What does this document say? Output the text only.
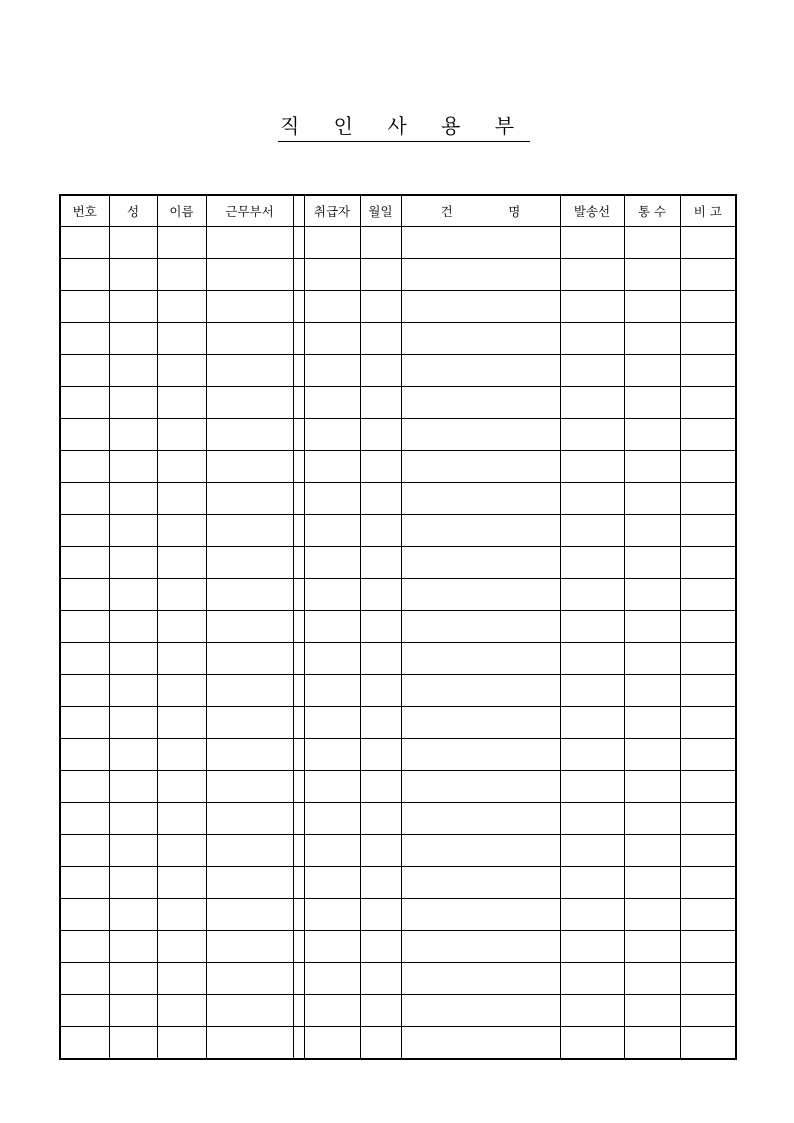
직 인 사 용 부
번호	성	이름	근무부서		취급자	월일	건              명	발송선	통 수	비 고
